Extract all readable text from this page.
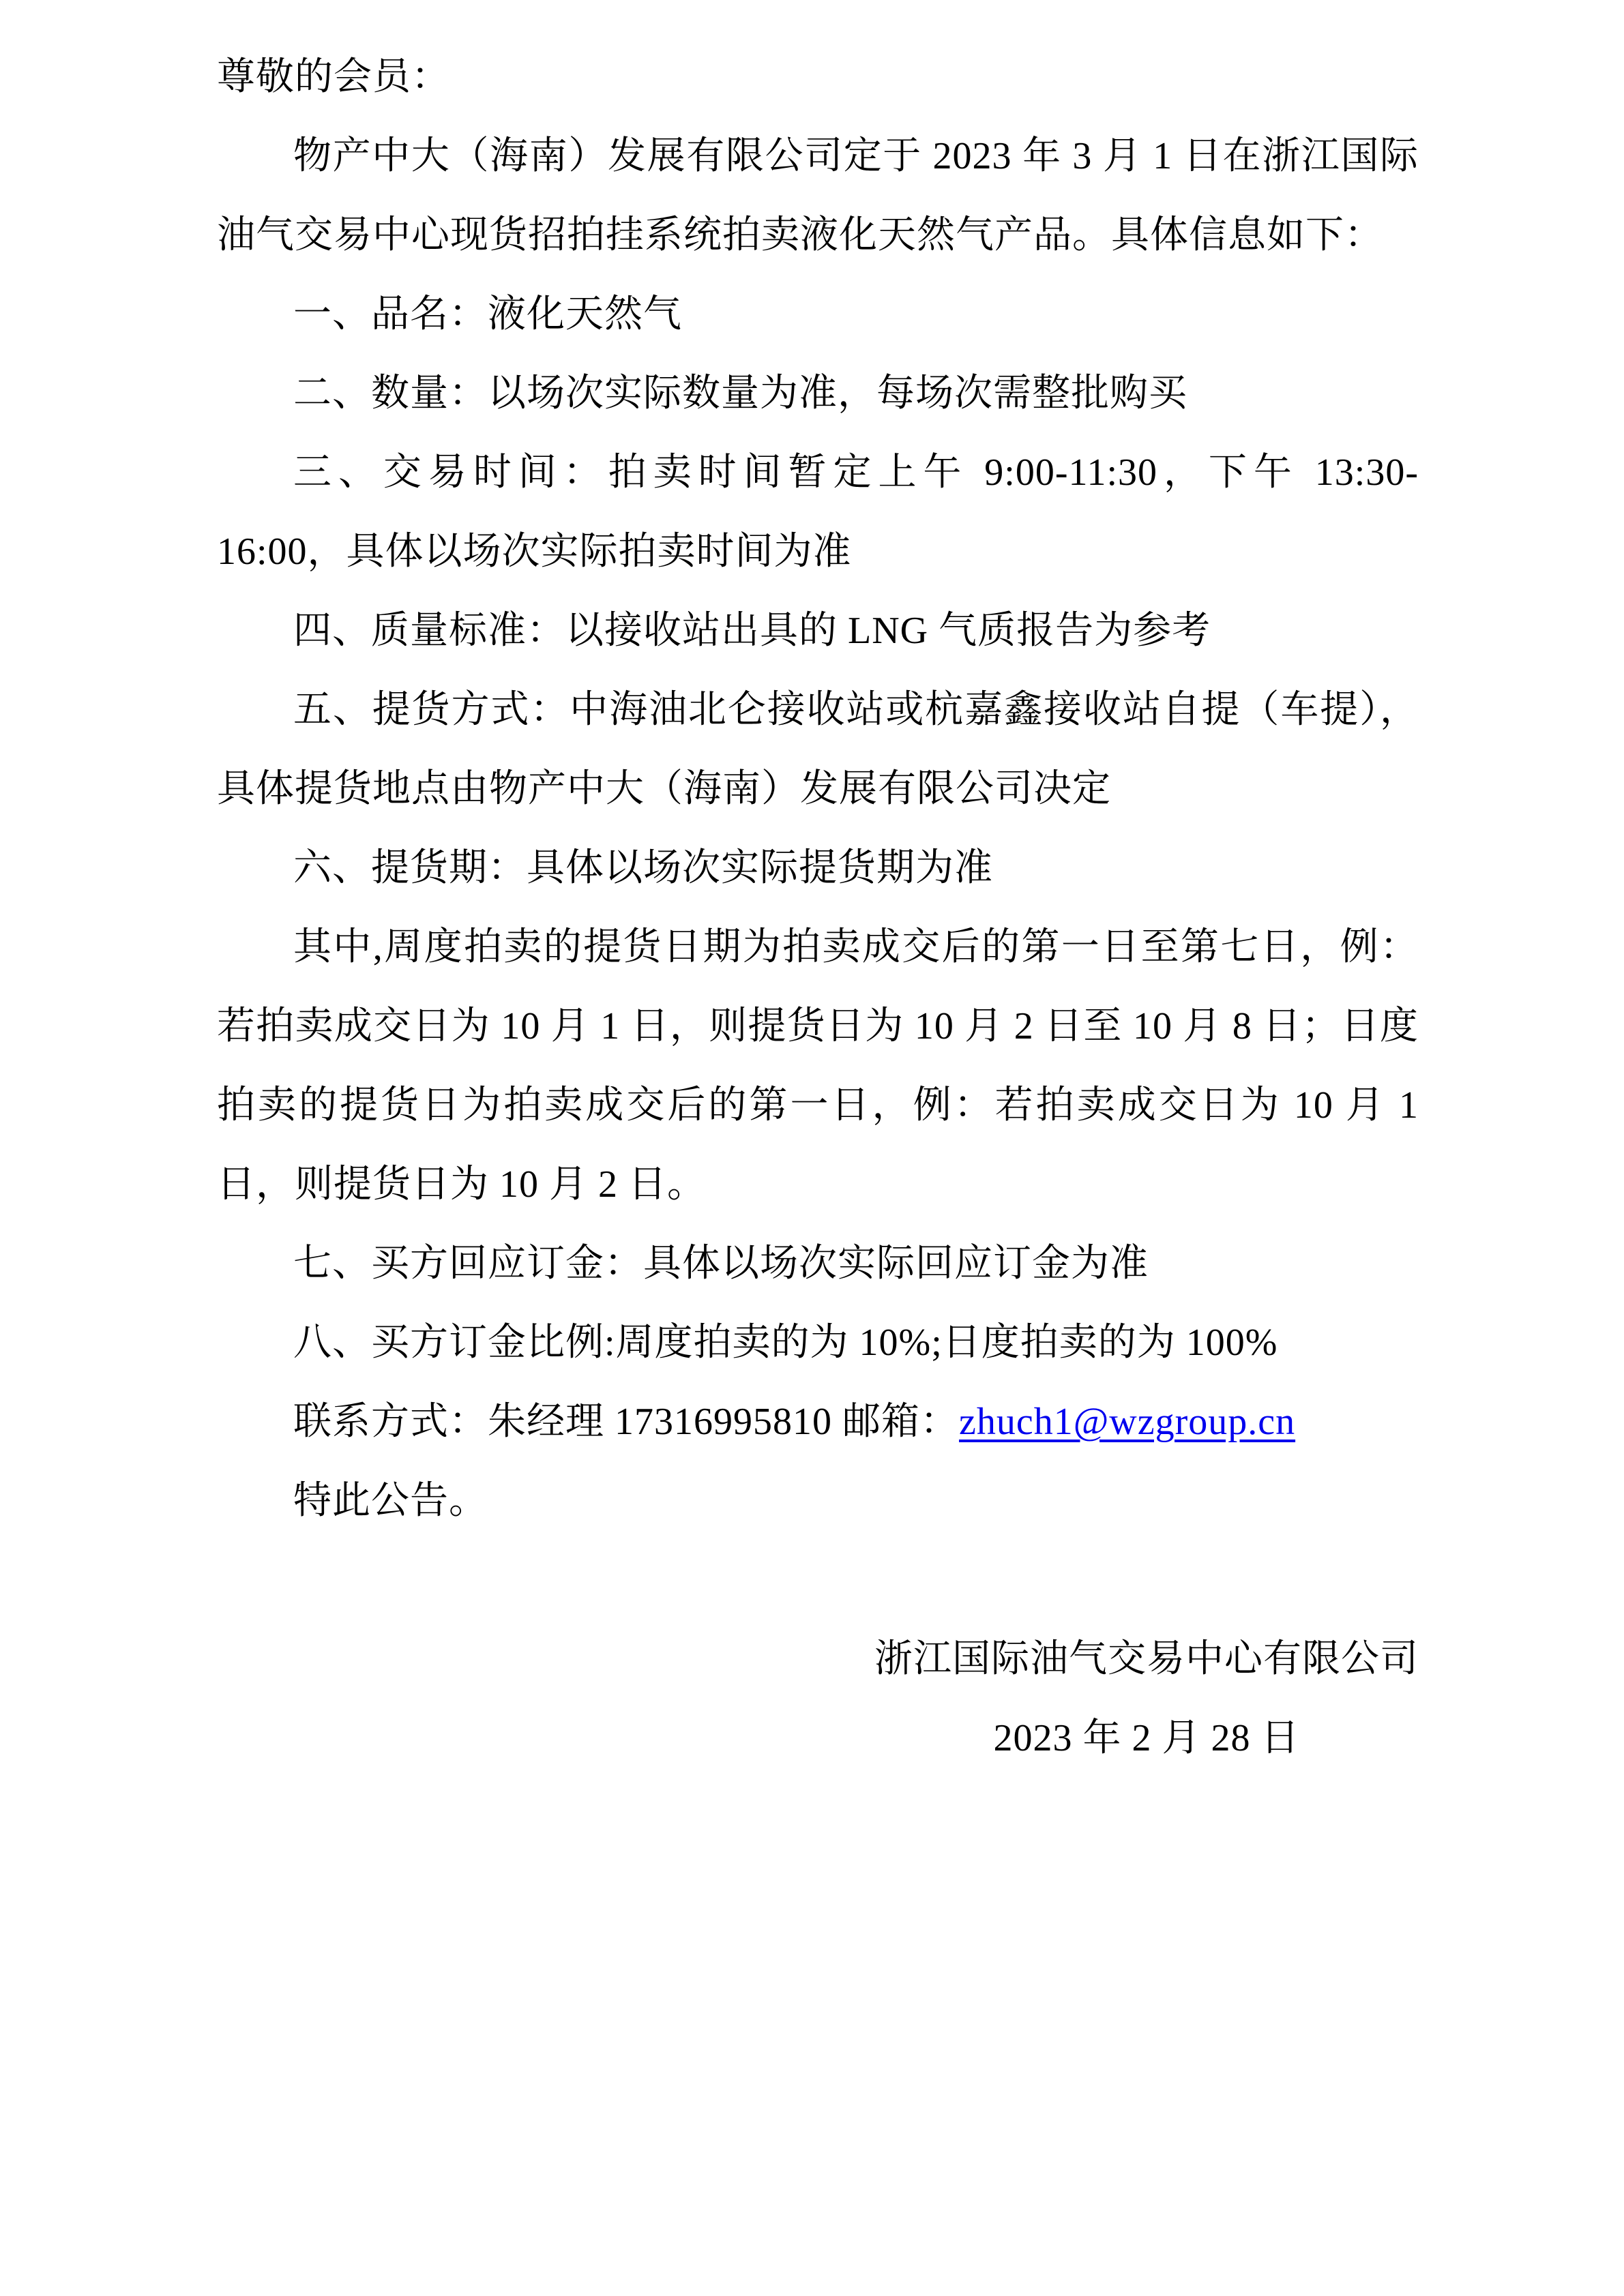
尊敬的会员：

物产中大（海南）发展有限公司定于 2023 年 3 月 1 日在浙江国际油气交易中心现货招拍挂系统拍卖液化天然气产品。具体信息如下：

一、品名：液化天然气

二、数量：以场次实际数量为准，每场次需整批购买

三、交易时间：拍卖时间暂定上午 9:00-11:30，下午 13:30-16:00，具体以场次实际拍卖时间为准

四、质量标准：以接收站出具的 LNG 气质报告为参考

五、提货方式：中海油北仑接收站或杭嘉鑫接收站自提（车提），具体提货地点由物产中大（海南）发展有限公司决定

六、提货期：具体以场次实际提货期为准

其中,周度拍卖的提货日期为拍卖成交后的第一日至第七日，例：若拍卖成交日为 10 月 1 日，则提货日为 10 月 2 日至 10 月 8 日；日度拍卖的提货日为拍卖成交后的第一日，例：若拍卖成交日为 10 月 1 日，则提货日为 10 月 2 日。

七、买方回应订金：具体以场次实际回应订金为准

八、买方订金比例:周度拍卖的为 10%;日度拍卖的为 100%

联系方式：朱经理 17316995810 邮箱：zhuch1@wzgroup.cn

特此公告。

浙江国际油气交易中心有限公司

2023 年 2 月 28 日
